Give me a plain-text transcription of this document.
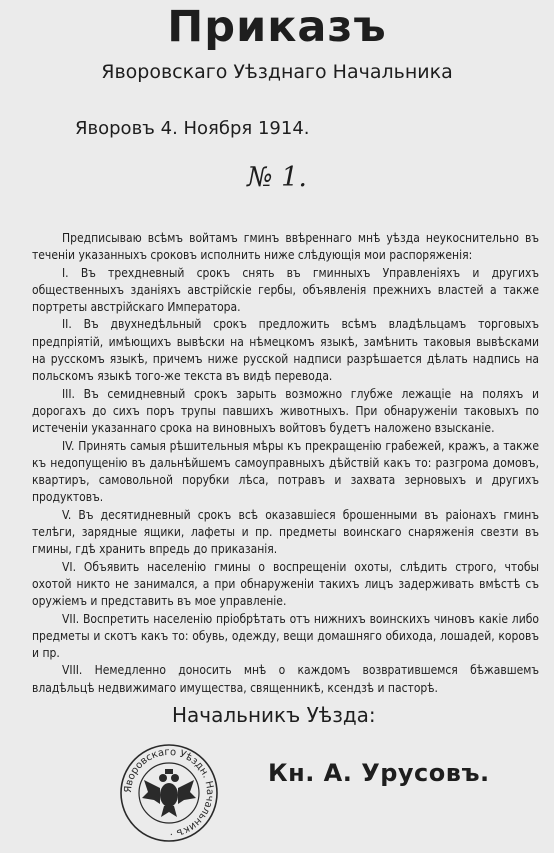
Приказъ
Яворовскаго Уѣзднаго Начальника
Яворовъ 4. Ноября 1914.
№ 1.

Предписываю всѣмъ войтамъ гминъ ввѣреннаго мнѣ уѣзда неукоснительно въ теченіи указанныхъ сроковъ исполнить ниже слѣдующія мои распоряженія:

I. Въ трехдневный срокъ снять въ гминныхъ Управленіяхъ и другихъ общественныхъ зданіяхъ австрійскіе гербы, объявленія прежнихъ властей а также портреты австрійскаго Императора.

II. Въ двухнедѣльный срокъ предложить всѣмъ владѣльцамъ торговыхъ предпріятій, имѣющихъ вывѣски на нѣмецкомъ языкѣ, замѣнить таковыя вывѣсками на русскомъ языкѣ, причемъ ниже русской надписи разрѣшается дѣлать надпись на польскомъ языкѣ того-же текста въ видѣ перевода.

III. Въ семидневный срокъ зарыть возможно глубже лежащіе на поляхъ и дорогахъ до сихъ поръ трупы павшихъ животныхъ. При обнаруженіи таковыхъ по истеченіи указаннаго срока на виновныхъ войтовъ будетъ наложено взысканіе.

IV. Принять самыя рѣшительныя мѣры къ прекращенію грабежей, кражъ, а также къ недопущенію въ дальнѣйшемъ самоуправныхъ дѣйствій какъ то: разгрома домовъ, квартиръ, самовольной порубки лѣса, потравъ и захвата зерновыхъ и другихъ продуктовъ.

V. Въ десятидневный срокъ всѣ оказавшіеся брошенными въ раіонахъ гминъ телѣги, зарядные ящики, лафеты и пр. предметы воинскаго снаряженія свезти въ гмины, гдѣ хранить впредь до приказанія.

VI. Объявить населенію гмины о воспрещеніи охоты, слѣдить строго, чтобы охотой никто не занимался, а при обнаруженіи такихъ лицъ задерживать вмѣстѣ съ оружіемъ и представить въ мое управленіе.

VII. Воспретить населенію пріобрѣтать отъ нижнихъ воинскихъ чиновъ какіе либо предметы и скотъ какъ то: обувь, одежду, вещи домашняго обихода, лошадей, коровъ и пр.

VIII. Немедленно доносить мнѣ о каждомъ возвратившемся бѣжавшемъ владѣльцѣ недвижимаго имущества, священникѣ, ксендзѣ и пасторѣ.

Начальникъ Уѣзда:
Кн. А. Урусовъ.
Яворовскаго Уѣздн. Начальникъ ·
